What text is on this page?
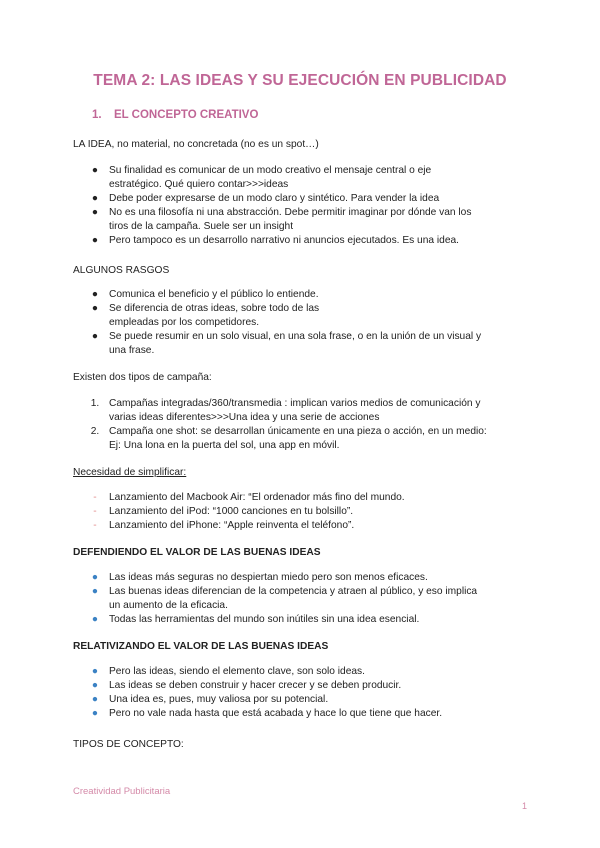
TEMA 2: LAS IDEAS Y SU EJECUCIÓN EN PUBLICIDAD
1. EL CONCEPTO CREATIVO

LA IDEA, no material, no concretada (no es un spot…)

● Su finalidad es comunicar de un modo creativo el mensaje central o eje
estratégico. Qué quiero contar>>>ideas
● Debe poder expresarse de un modo claro y sintético. Para vender la idea
● No es una filosofía ni una abstracción. Debe permitir imaginar por dónde van los
tiros de la campaña. Suele ser un insight
● Pero tampoco es un desarrollo narrativo ni anuncios ejecutados. Es una idea.

ALGUNOS RASGOS

● Comunica el beneficio y el público lo entiende.
● Se diferencia de otras ideas, sobre todo de las
empleadas por los competidores.
● Se puede resumir en un solo visual, en una sola frase, o en la unión de un visual y
una frase.

Existen dos tipos de campaña:

1. Campañas integradas/360/transmedia : implican varios medios de comunicación y
varias ideas diferentes>>>Una idea y una serie de acciones
2. Campaña one shot: se desarrollan únicamente en una pieza o acción, en un medio:
Ej: Una lona en la puerta del sol, una app en móvil.

Necesidad de simplificar:

-	Lanzamiento del Macbook Air: “El ordenador más fino del mundo.
-	Lanzamiento del iPod: “1000 canciones en tu bolsillo”.
-	Lanzamiento del iPhone: “Apple reinventa el teléfono”.

DEFENDIENDO EL VALOR DE LAS BUENAS IDEAS

● Las ideas más seguras no despiertan miedo pero son menos eficaces.
● Las buenas ideas diferencian de la competencia y atraen al público, y eso implica
un aumento de la eficacia.
● Todas las herramientas del mundo son inútiles sin una idea esencial.

RELATIVIZANDO EL VALOR DE LAS BUENAS IDEAS

● Pero las ideas, siendo el elemento clave, son solo ideas.
● Las ideas se deben construir y hacer crecer y se deben producir.
● Una idea es, pues, muy valiosa por su potencial.
● Pero no vale nada hasta que está acabada y hace lo que tiene que hacer.

TIPOS DE CONCEPTO:

Creatividad Publicitaria

1
